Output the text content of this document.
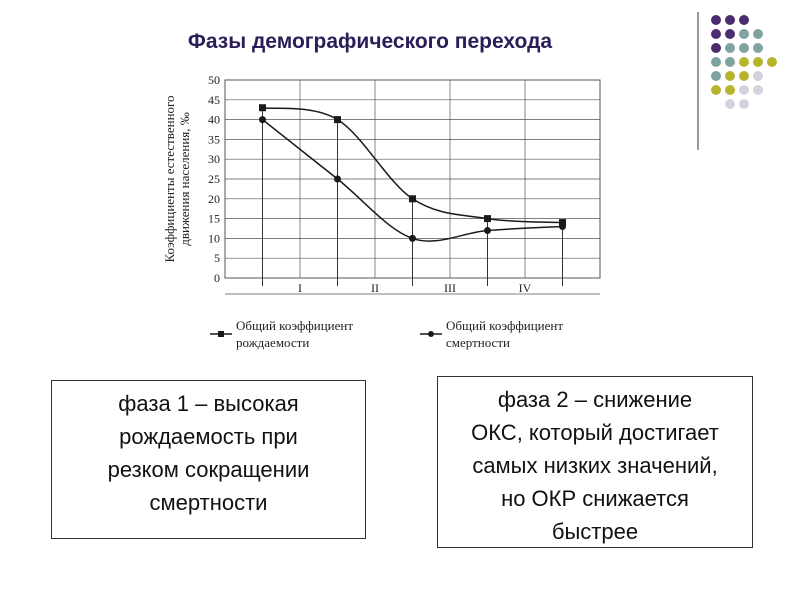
Фазы демографического перехода
0
5
10
15
20
25
30
35
40
45
50
I	II	III	IV
Коэффициенты естественногодвижения населения, ‰
Общий коэффициент
рождаемости
Общий коэффициент
смертности
фаза 1 – высокая
рождаемость при
резком сокращении
смертности
фаза 2 – снижение
ОКС, который достигает
самых низких значений,
но ОКР снижается
быстрее
